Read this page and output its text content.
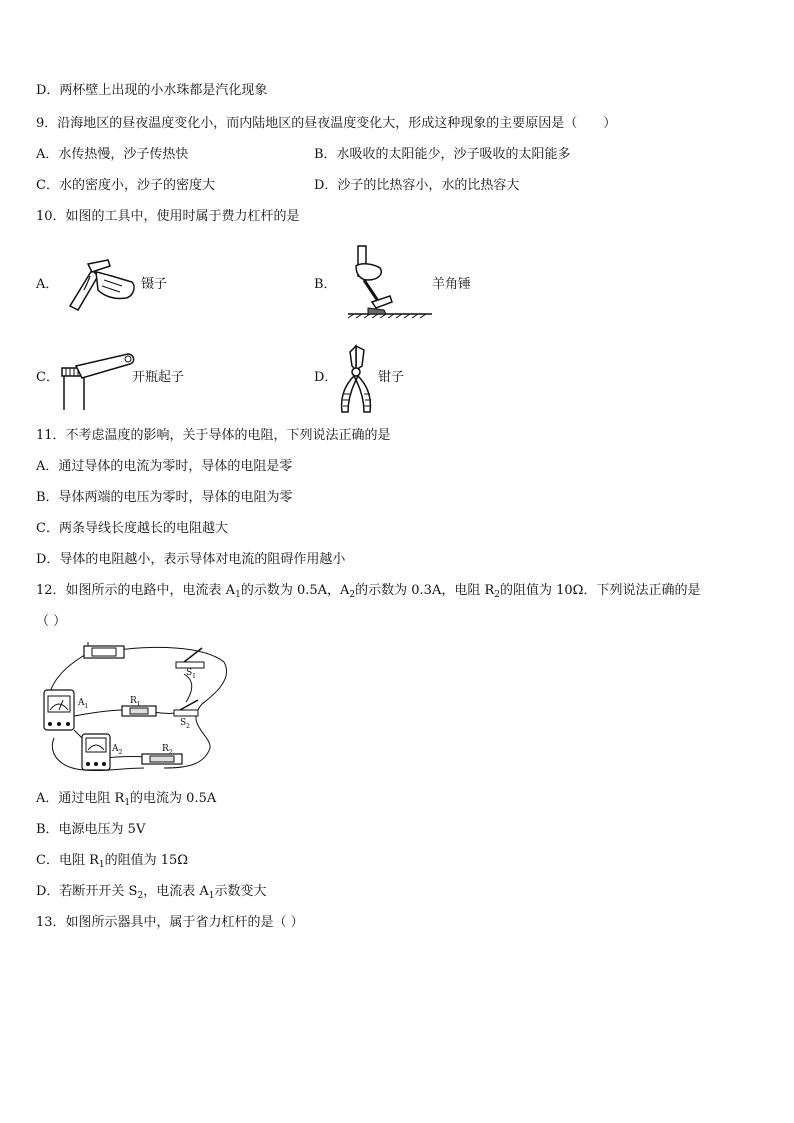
D．两杯壁上出现的小水珠都是汽化现象
9．沿海地区的昼夜温度变化小，而内陆地区的昼夜温度变化大，形成这种现象的主要原因是（　　）
A．水传热慢，沙子传热快	B．水吸收的太阳能少，沙子吸收的太阳能多
C．水的密度小，沙子的密度大	D．沙子的比热容小，水的比热容大
10．如图的工具中，使用时属于费力杠杆的是
A．	镊子	B．	羊角锤
C．	开瓶起子	D．	钳子
11．不考虑温度的影响，关于导体的电阻，下列说法正确的是
A．通过导体的电流为零时，导体的电阻是零
B．导体两端的电压为零时，导体的电阻为零
C．两条导线长度越长的电阻越大
D．导体的电阻越小，表示导体对电流的阻碍作用越小
12．如图所示的电路中，电流表 $A_1$的示数为 0.5A，$A_2$的示数为 0.3A，电阻 $R_2$的阻值为 10Ω．下列说法正确的是
（ ）
$S_1$
$A_1$
$R_1$
$S_2$
$A_2$	$R_2$
A．通过电阻 $R_1$的电流为 0.5A
B．电源电压为 5V
C．电阻 $R_1$的阻值为 15Ω
D．若断开开关 $S_2$，电流表 $A_1$示数变大
13．如图所示器具中，属于省力杠杆的是（ ）
